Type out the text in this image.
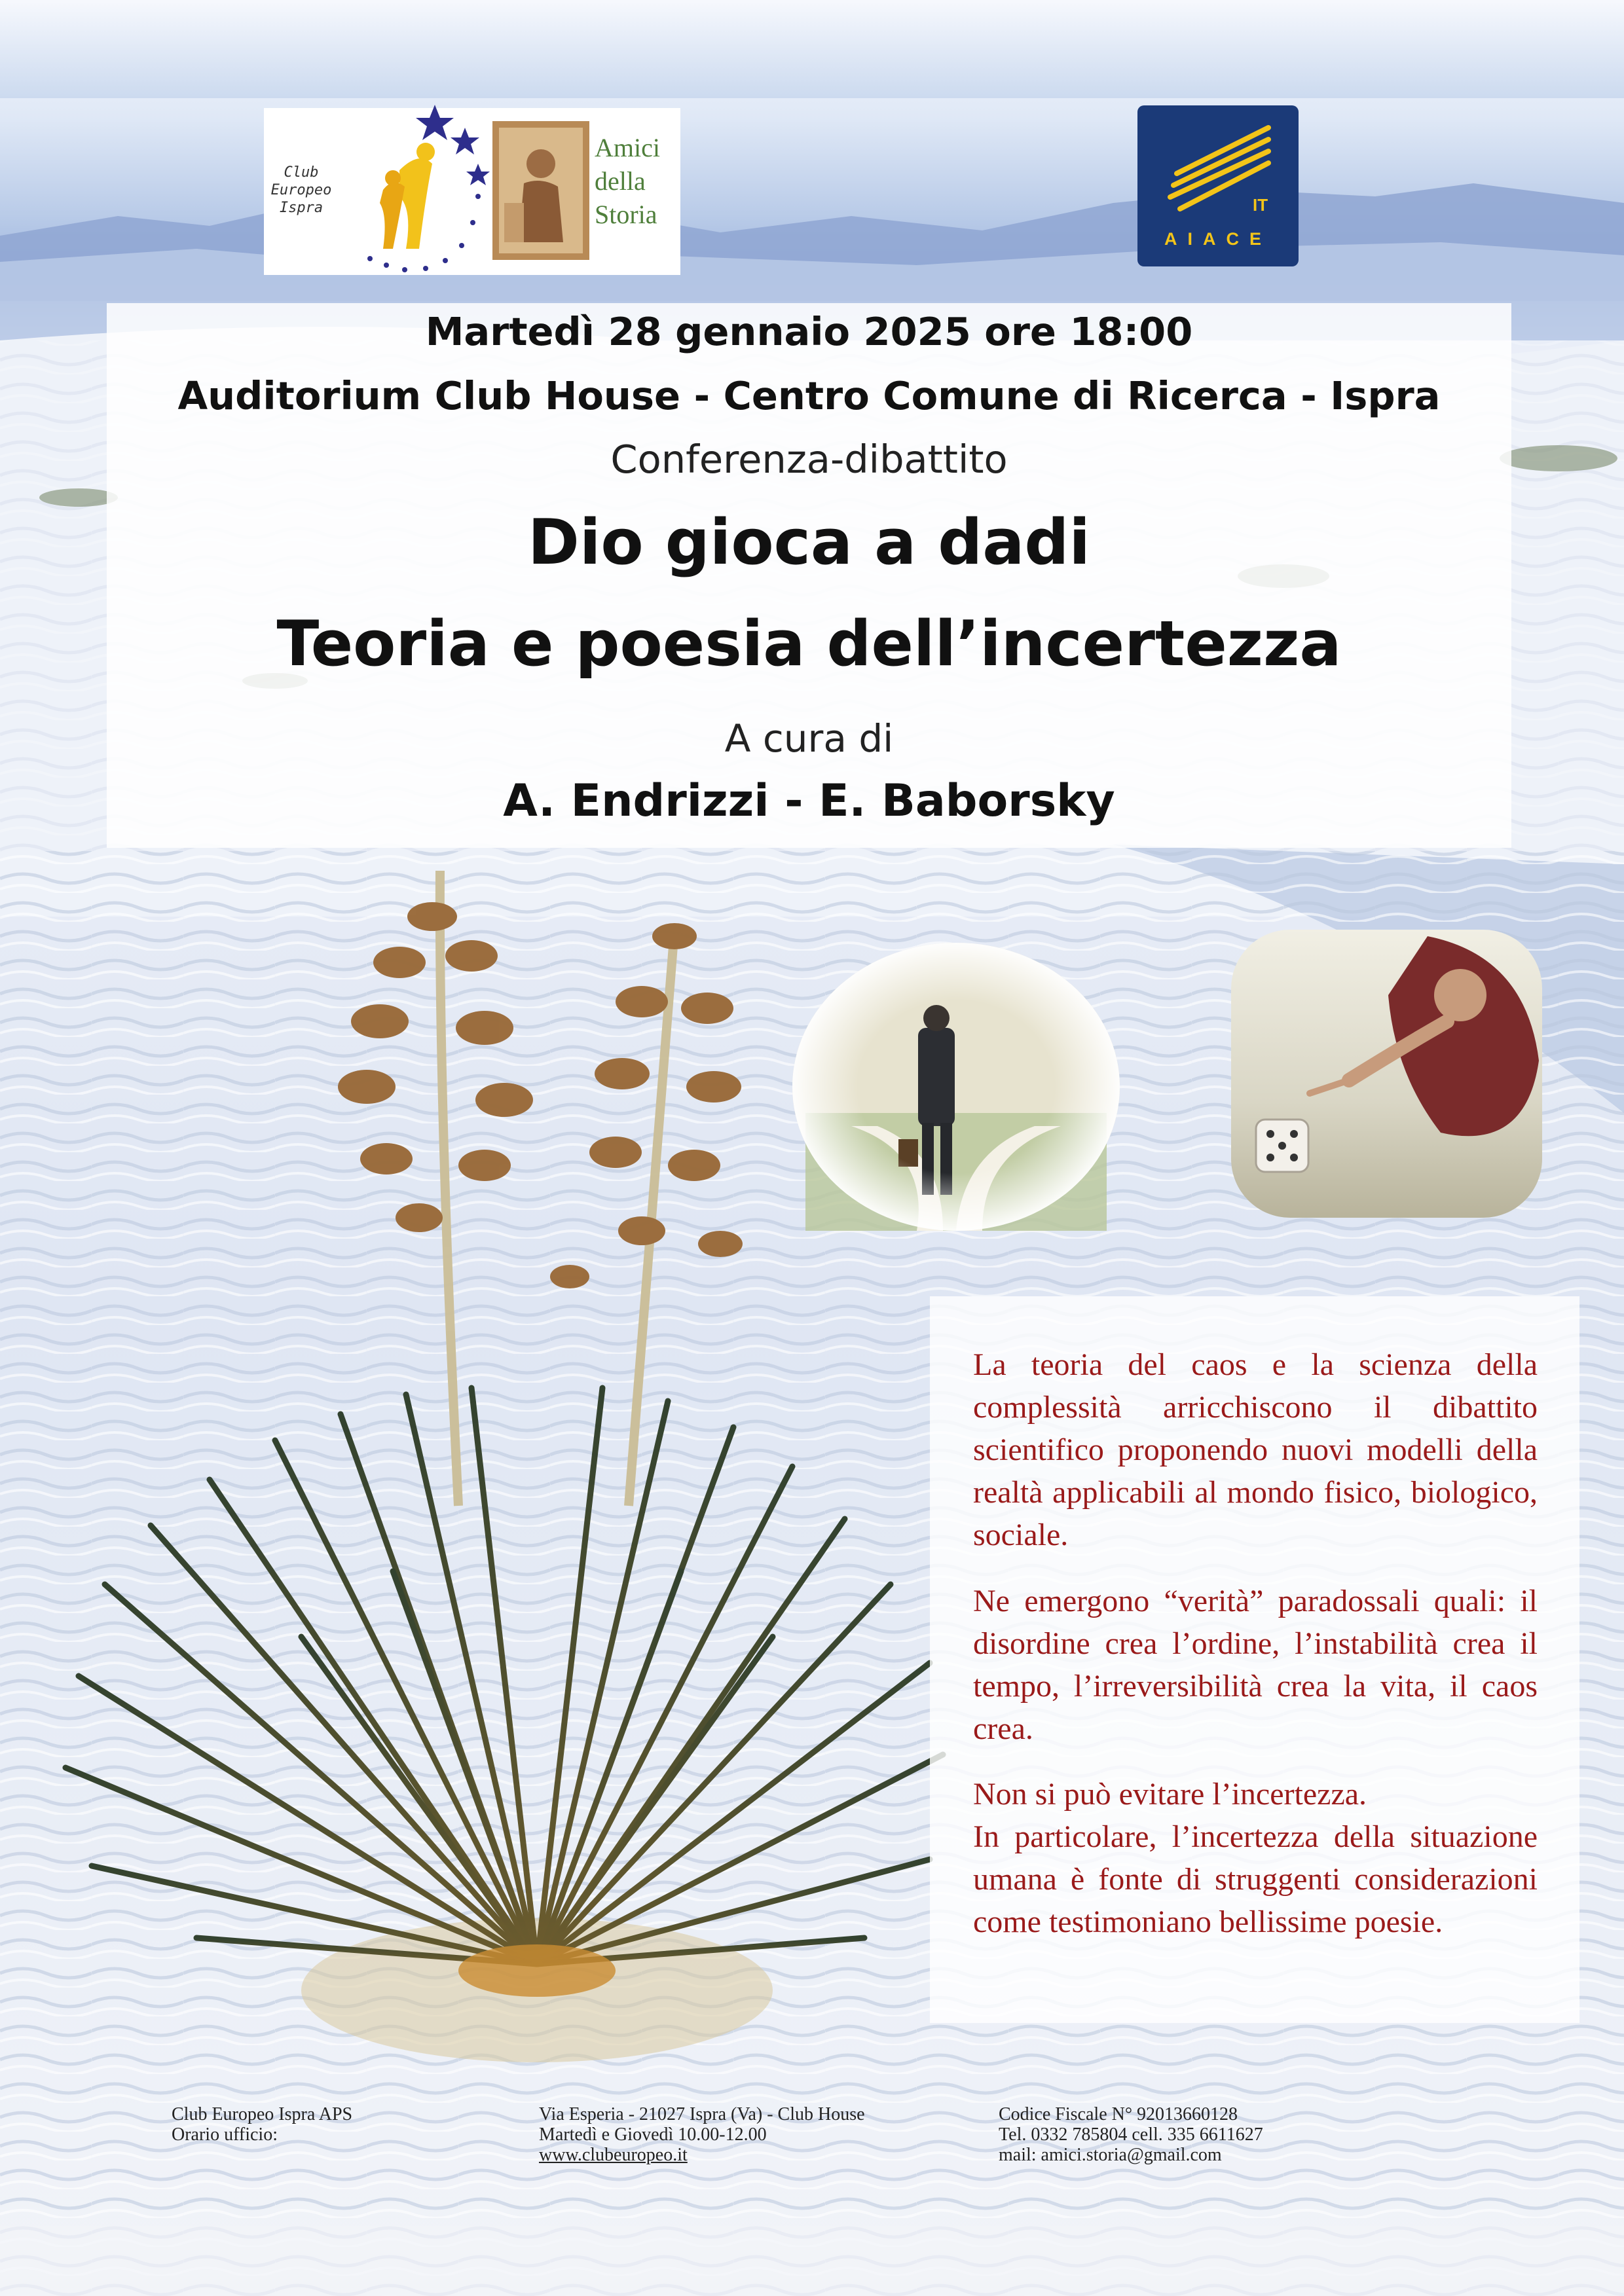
Club Europeo Ispra
Amici
della
Storia	IT
AIACE
Martedì 28 gennaio 2025 ore 18:00
Auditorium Club House - Centro Comune di Ricerca - Ispra
Conferenza-dibattito
Dio gioca a dadi
Teoria e poesia dell’incertezza
A cura di
A. Endrizzi - E. Baborsky
La teoria del caos e la scienza della complessità arricchiscono il dibattito scientifico proponendo nuovi modelli della realtà applicabili al mondo fisico, biologico, sociale.
Ne emergono “verità” paradossali quali: il disordine crea l’ordine, l’instabilità crea il tempo, l’irreversibilità crea la vita, il caos crea.
Non si può evitare l’incertezza.
In particolare, l’incertezza della situazione umana è fonte di struggenti considerazioni come testimoniano bellissime poesie.
Club Europeo Ispra APS
Orario ufficio:
Via Esperia - 21027 Ispra (Va) - Club House
Martedì e Giovedì 10.00-12.00
www.clubeuropeo.it
Codice Fiscale N° 92013660128
Tel. 0332 785804 cell. 335 6611627
mail: amici.storia@gmail.com
